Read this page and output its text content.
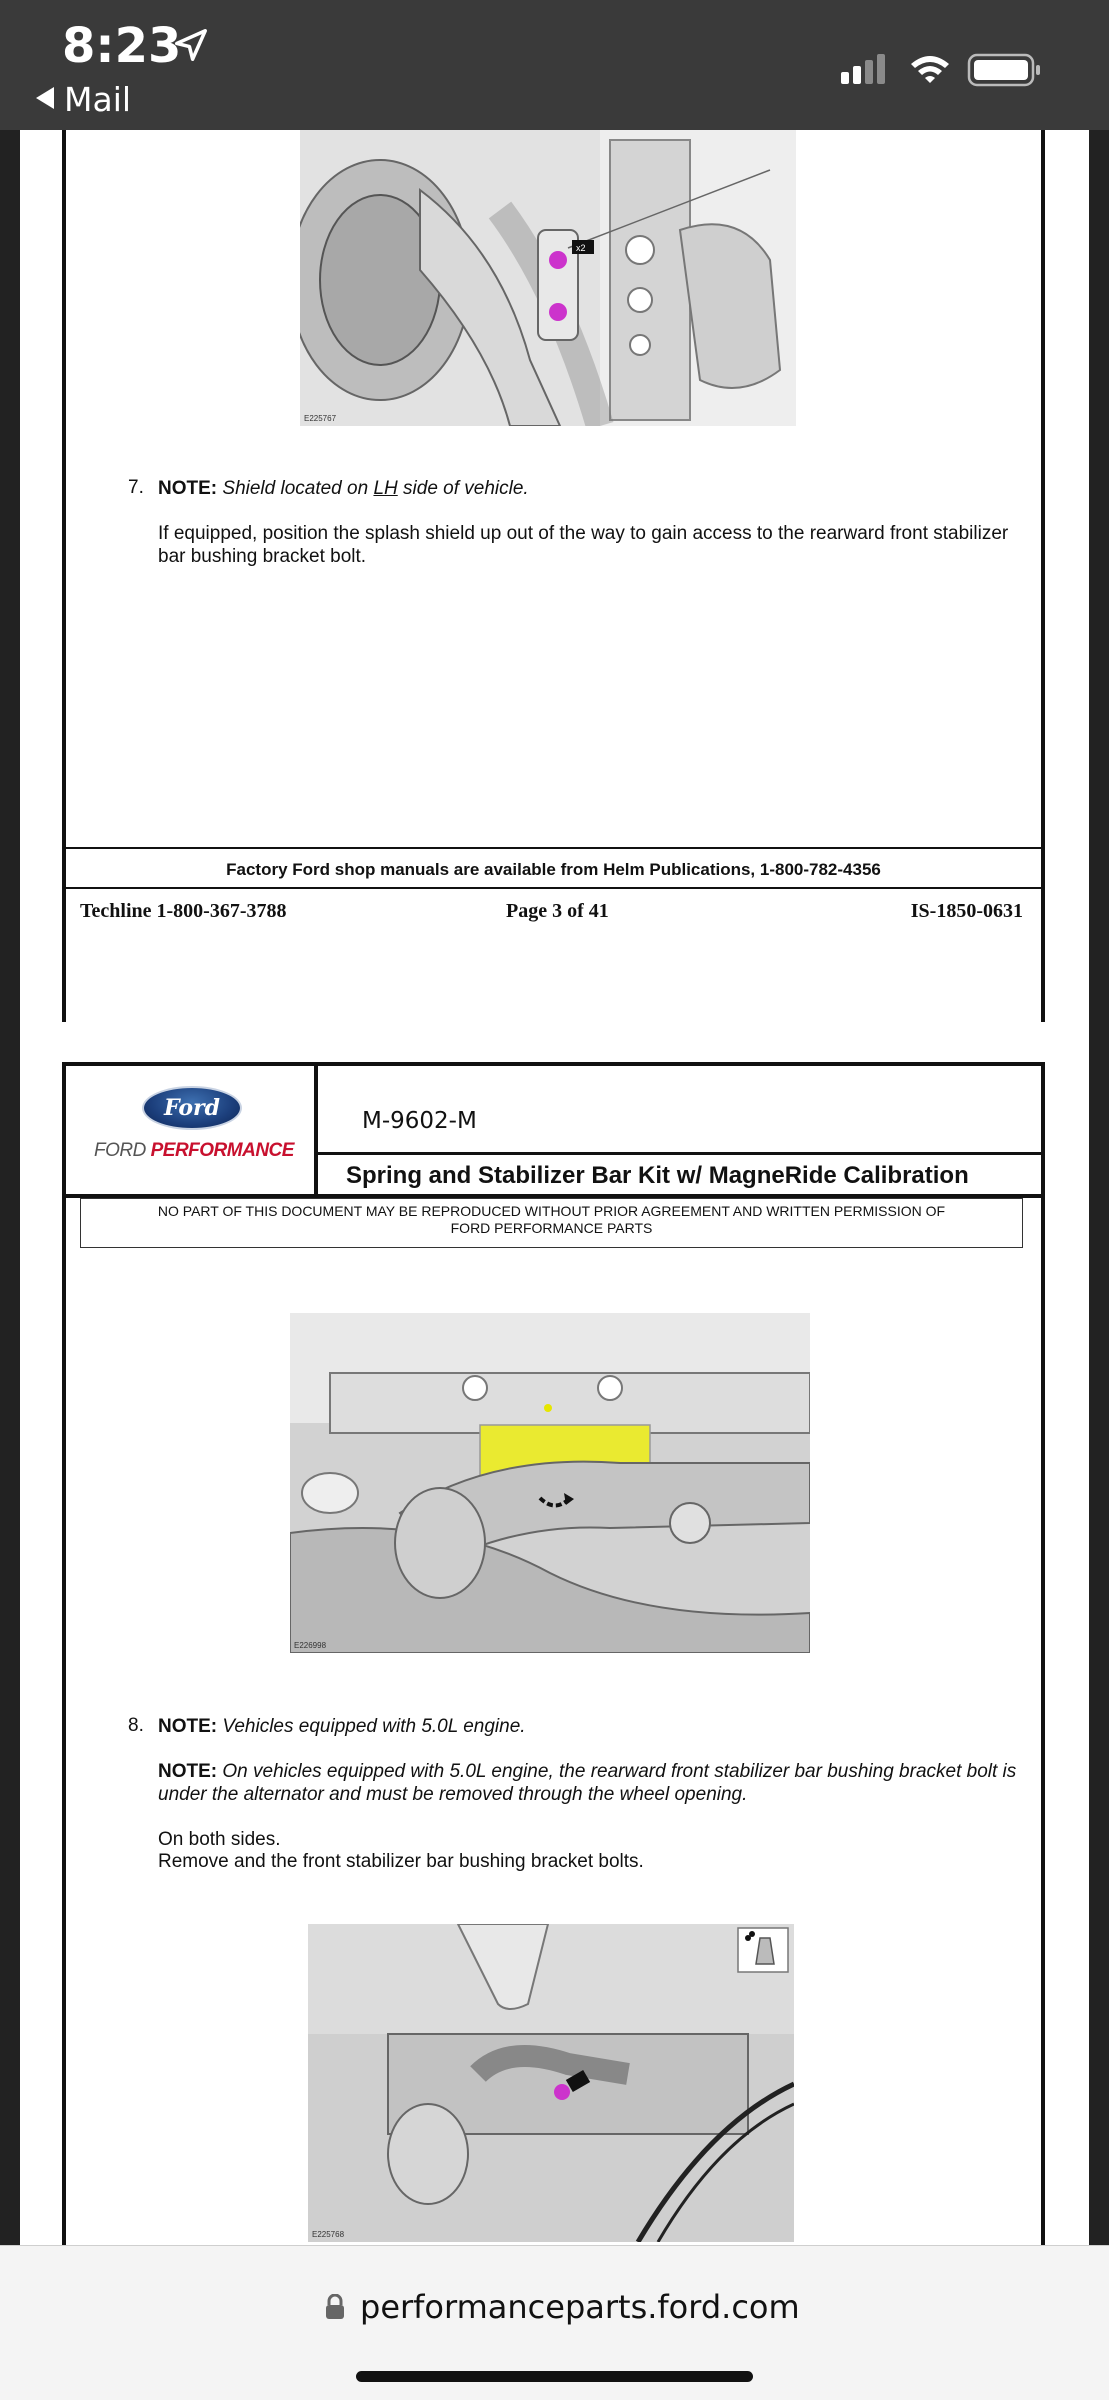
8:23
Mail
x2
E225767
7. NOTE: Shield located on LH side of vehicle.
If equipped, position the splash shield up out of the way to gain access to the rearward front stabilizer bar bushing bracket bolt.
Factory Ford shop manuals are available from Helm Publications, 1-800-782-4356
Techline 1-800-367-3788	Page 3 of 41	IS-1850-0631
Ford
FORD PERFORMANCE
M-9602-M
Spring and Stabilizer Bar Kit w/ MagneRide Calibration
NO PART OF THIS DOCUMENT MAY BE REPRODUCED WITHOUT PRIOR AGREEMENT AND WRITTEN PERMISSION OF
FORD PERFORMANCE PARTS
E226998
8. NOTE: Vehicles equipped with 5.0L engine.
NOTE: On vehicles equipped with 5.0L engine, the rearward front stabilizer bar bushing bracket bolt is under the alternator and must be removed through the wheel opening.
On both sides.
Remove and the front stabilizer bar bushing bracket bolts.
E225768
performanceparts.ford.com
